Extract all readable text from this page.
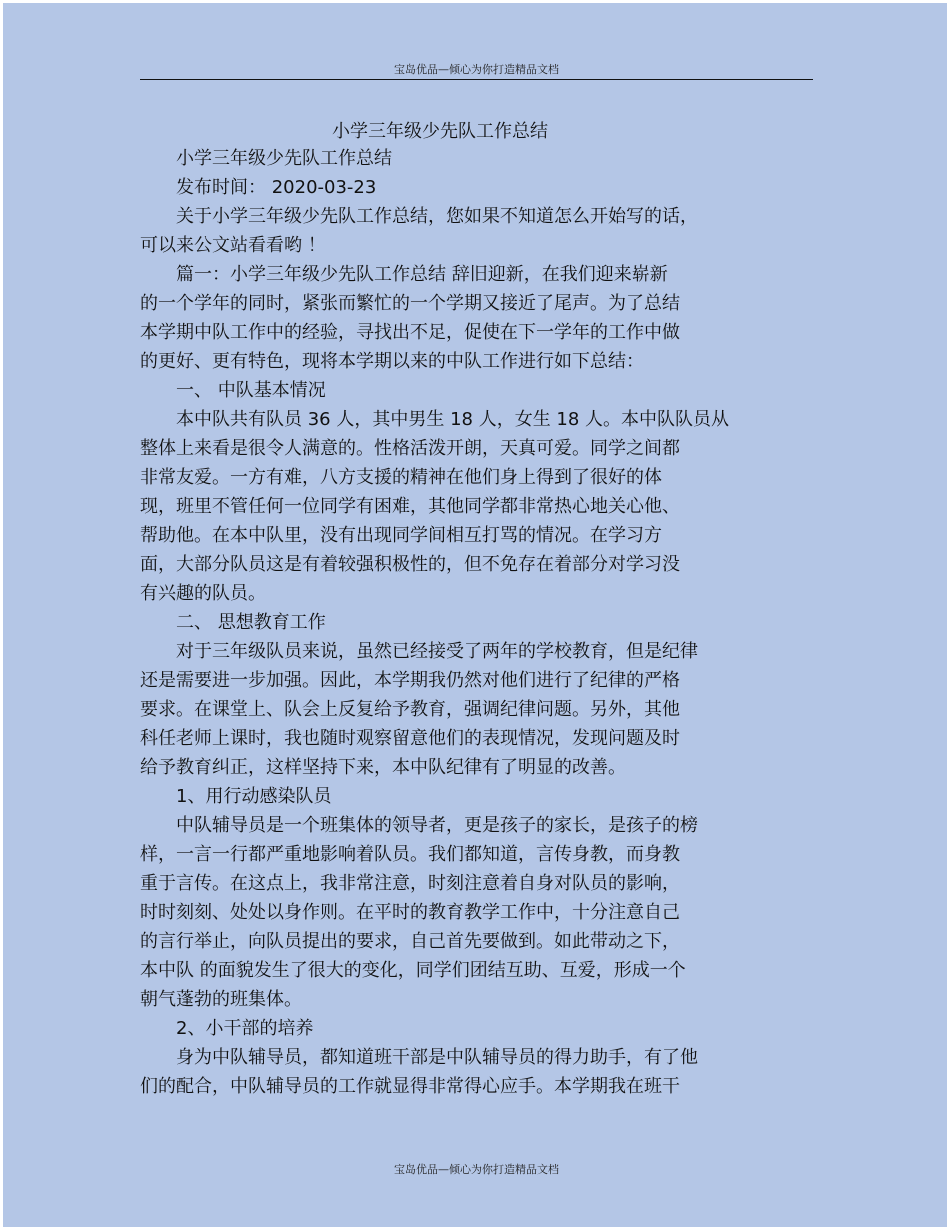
宝岛优品—倾心为你打造精品文档
小学三年级少先队工作总结
小学三年级少先队工作总结
发布时间： 2020-03-23
关于小学三年级少先队工作总结，您如果不知道怎么开始写的话，
可以来公文站看看哟 ！
篇一：小学三年级少先队工作总结 辞旧迎新，在我们迎来崭新
的一个学年的同时，紧张而繁忙的一个学期又接近了尾声。为了总结
本学期中队工作中的经验，寻找出不足，促使在下一学年的工作中做
的更好、更有特色，现将本学期以来的中队工作进行如下总结：
一、 中队基本情况
本中队共有队员 36 人，其中男生 18 人，女生 18 人。本中队队员从
整体上来看是很令人满意的。性格活泼开朗，天真可爱。同学之间都
非常友爱。一方有难，八方支援的精神在他们身上得到了很好的体
现，班里不管任何一位同学有困难，其他同学都非常热心地关心他、
帮助他。在本中队里，没有出现同学间相互打骂的情况。在学习方
面，大部分队员这是有着较强积极性的，但不免存在着部分对学习没
有兴趣的队员。
二、 思想教育工作
对于三年级队员来说，虽然已经接受了两年的学校教育，但是纪律
还是需要进一步加强。因此，本学期我仍然对他们进行了纪律的严格
要求。在课堂上、队会上反复给予教育，强调纪律问题。另外，其他
科任老师上课时，我也随时观察留意他们的表现情况，发现问题及时
给予教育纠正，这样坚持下来，本中队纪律有了明显的改善。
1、用行动感染队员
中队辅导员是一个班集体的领导者，更是孩子的家长，是孩子的榜
样，一言一行都严重地影响着队员。我们都知道，言传身教，而身教
重于言传。在这点上，我非常注意，时刻注意着自身对队员的影响，
时时刻刻、处处以身作则。在平时的教育教学工作中，十分注意自己
的言行举止，向队员提出的要求，自己首先要做到。如此带动之下，
本中队 的面貌发生了很大的变化，同学们团结互助、互爱，形成一个
朝气蓬勃的班集体。
2、小干部的培养
身为中队辅导员，都知道班干部是中队辅导员的得力助手，有了他
们的配合，中队辅导员的工作就显得非常得心应手。本学期我在班干
宝岛优品—倾心为你打造精品文档
